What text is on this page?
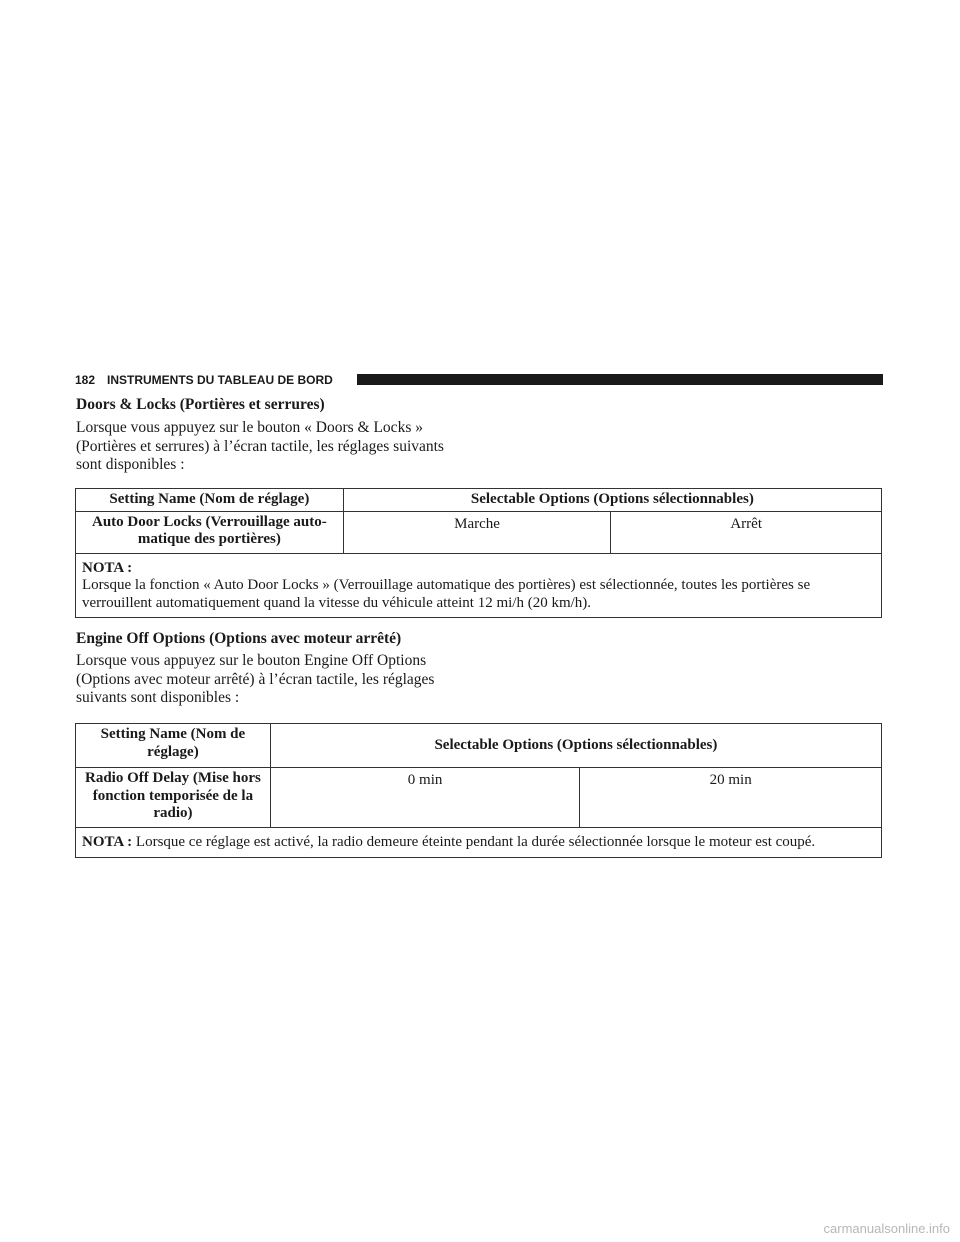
182 INSTRUMENTS DU TABLEAU DE BORD
Doors & Locks (Portières et serrures)
Lorsque vous appuyez sur le bouton « Doors & Locks » (Portières et serrures) à l’écran tactile, les réglages suivants sont disponibles :
Setting Name (Nom de réglage)	Selectable Options (Options sélectionnables)	
Auto Door Locks (Verrouillage auto-matique des portières)	Marche	Arrêt

NOTA :
Lorsque la fonction « Auto Door Locks » (Verrouillage automatique des portières) est sélectionnée, toutes les portières se verrouillent automatiquement quand la vitesse du véhicule atteint 12 mi/h (20 km/h).		
Engine Off Options (Options avec moteur arrêté)
Lorsque vous appuyez sur le bouton Engine Off Options (Options avec moteur arrêté) à l’écran tactile, les réglages suivants sont disponibles :
Setting Name (Nom de réglage)	Selectable Options (Options sélectionnables)	
Radio Off Delay (Mise hors fonction temporisée de la radio)	0 min	20 min
NOTA : Lorsque ce réglage est activé, la radio demeure éteinte pendant la durée sélectionnée lorsque le moteur est coupé.		
carmanualsonline.info
